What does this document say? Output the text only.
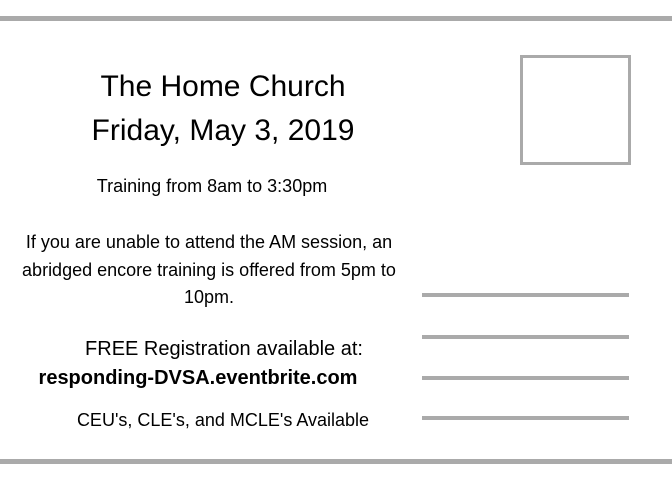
The Home Church
Friday, May 3, 2019
Training from 8am to 3:30pm
If you are unable to attend the AM session, an abridged encore training is offered from 5pm to 10pm.
FREE Registration available at:
responding-DVSA.eventbrite.com
CEU's, CLE's, and MCLE's Available
